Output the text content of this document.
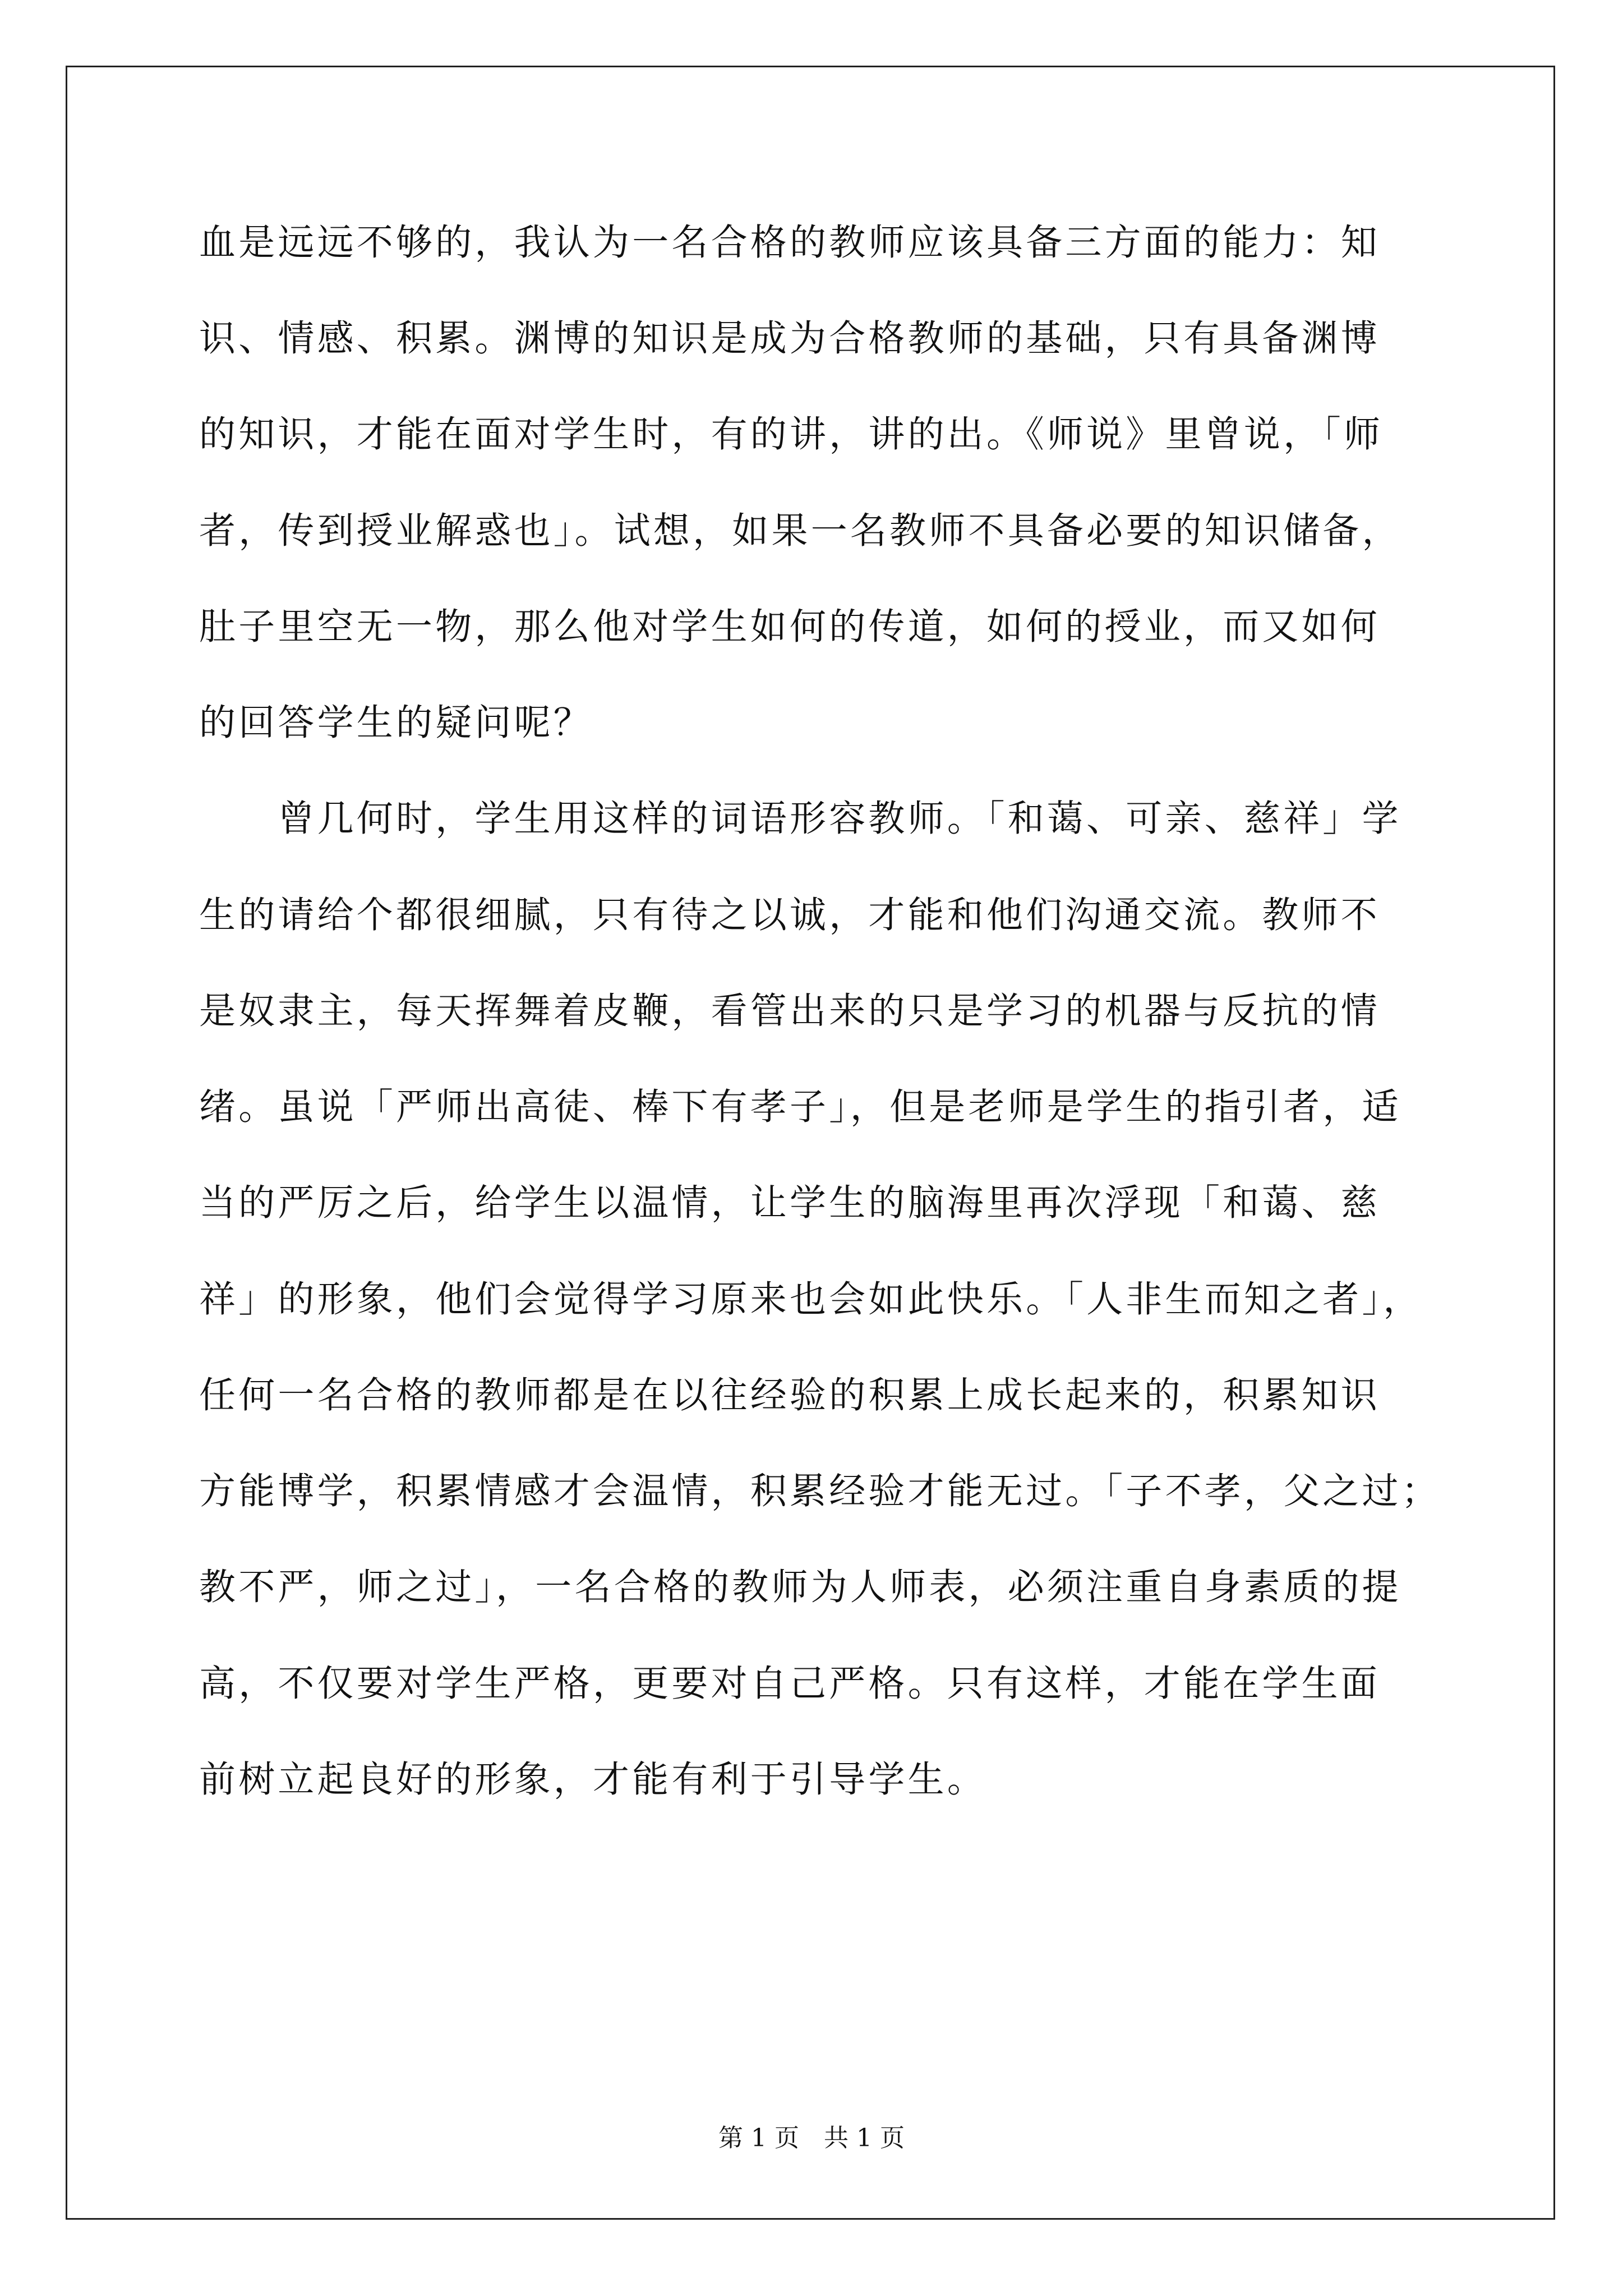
血是远远不够的，我认为一名合格的教师应该具备三方面的能力：知
识、情感、积累。渊博的知识是成为合格教师的基础，只有具备渊博
的知识，才能在面对学生时，有的讲，讲的出。《师说》里曾说，「师
者，传到授业解惑也」。试想，如果一名教师不具备必要的知识储备，
肚子里空无一物，那么他对学生如何的传道，如何的授业，而又如何
的回答学生的疑问呢？
　　曾几何时，学生用这样的词语形容教师。「和蔼、可亲、慈祥」学
生的请给个都很细腻，只有待之以诚，才能和他们沟通交流。教师不
是奴隶主，每天挥舞着皮鞭，看管出来的只是学习的机器与反抗的情
绪。虽说「严师出高徒、棒下有孝子」，但是老师是学生的指引者，适
当的严厉之后，给学生以温情，让学生的脑海里再次浮现「和蔼、慈
祥」的形象，他们会觉得学习原来也会如此快乐。「人非生而知之者」，
任何一名合格的教师都是在以往经验的积累上成长起来的，积累知识
方能博学，积累情感才会温情，积累经验才能无过。「子不孝，父之过；
教不严，师之过」，一名合格的教师为人师表，必须注重自身素质的提
高，不仅要对学生严格，更要对自己严格。只有这样，才能在学生面
前树立起良好的形象，才能有利于引导学生。
第 1 页　共 1 页
